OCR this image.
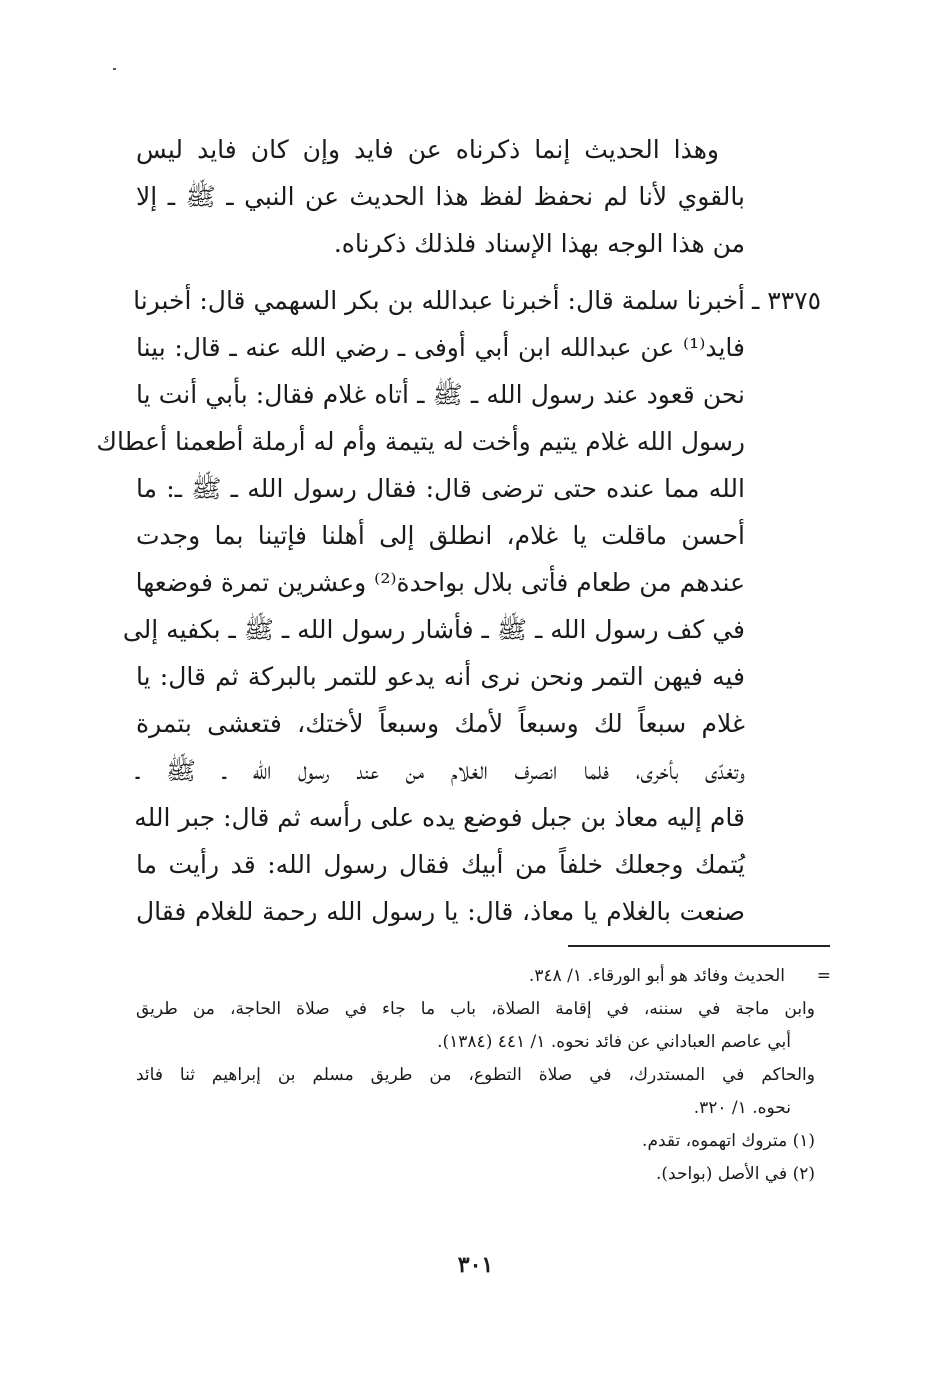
وهذا الحديث إنما ذكرناه عن فايد وإن كان فايد ليس
بالقوي لأنا لم نحفظ لفظ هذا الحديث عن النبي ـ ﷺ ـ إلا
من هذا الوجه بهذا الإسناد فلذلك ذكرناه.
٣٣٧٥ ـ
أخبرنا سلمة قال: أخبرنا عبدالله بن بكر السهمي قال: أخبرنا
فايد⁽¹⁾ عن عبدالله ابن أبي أوفى ـ رضي الله عنه ـ قال: بينا
نحن قعود عند رسول الله ـ ﷺ ـ أتاه غلام فقال: بأبي أنت يا
رسول الله غلام يتيم وأخت له يتيمة وأم له أرملة أطعمنا أعطاك
الله مما عنده حتى ترضى قال: فقال رسول الله ـ ﷺ ـ: ما
أحسن ماقلت يا غلام، انطلق إلى أهلنا فإتينا بما وجدت
عندهم من طعام فأتى بلال بواحدة⁽²⁾ وعشرين تمرة فوضعها
في كف رسول الله ـ ﷺ ـ فأشار رسول الله ـ ﷺ ـ بكفيه إلى
فيه فيهن التمر ونحن نرى أنه يدعو للتمر بالبركة ثم قال: يا
غلام سبعاً لك وسبعاً لأمك وسبعاً لأختك، فتعشى بتمرة
وتغدّى بأخرى، فلما انصرف الغلام من عند رسول الله ـ ﷺ ـ
قام إليه معاذ بن جبل فوضع يده على رأسه ثم قال: جبر الله
يُتمك وجعلك خلفاً من أبيك فقال رسول الله: قد رأيت ما
صنعت بالغلام يا معاذ، قال: يا رسول الله رحمة للغلام فقال
=
الحديث وفائد هو أبو الورقاء. ١/ ٣٤٨.
وابن ماجة في سننه، في إقامة الصلاة، باب ما جاء في صلاة الحاجة، من طريق
أبي عاصم العباداني عن فائد نحوه. ١/ ٤٤١ (١٣٨٤).
والحاكم في المستدرك، في صلاة التطوع، من طريق مسلم بن إبراهيم ثنا فائد
نحوه. ١/ ٣٢٠.
(١) متروك اتهموه، تقدم.
(٢) في الأصل (بواحد).
٣٠١
